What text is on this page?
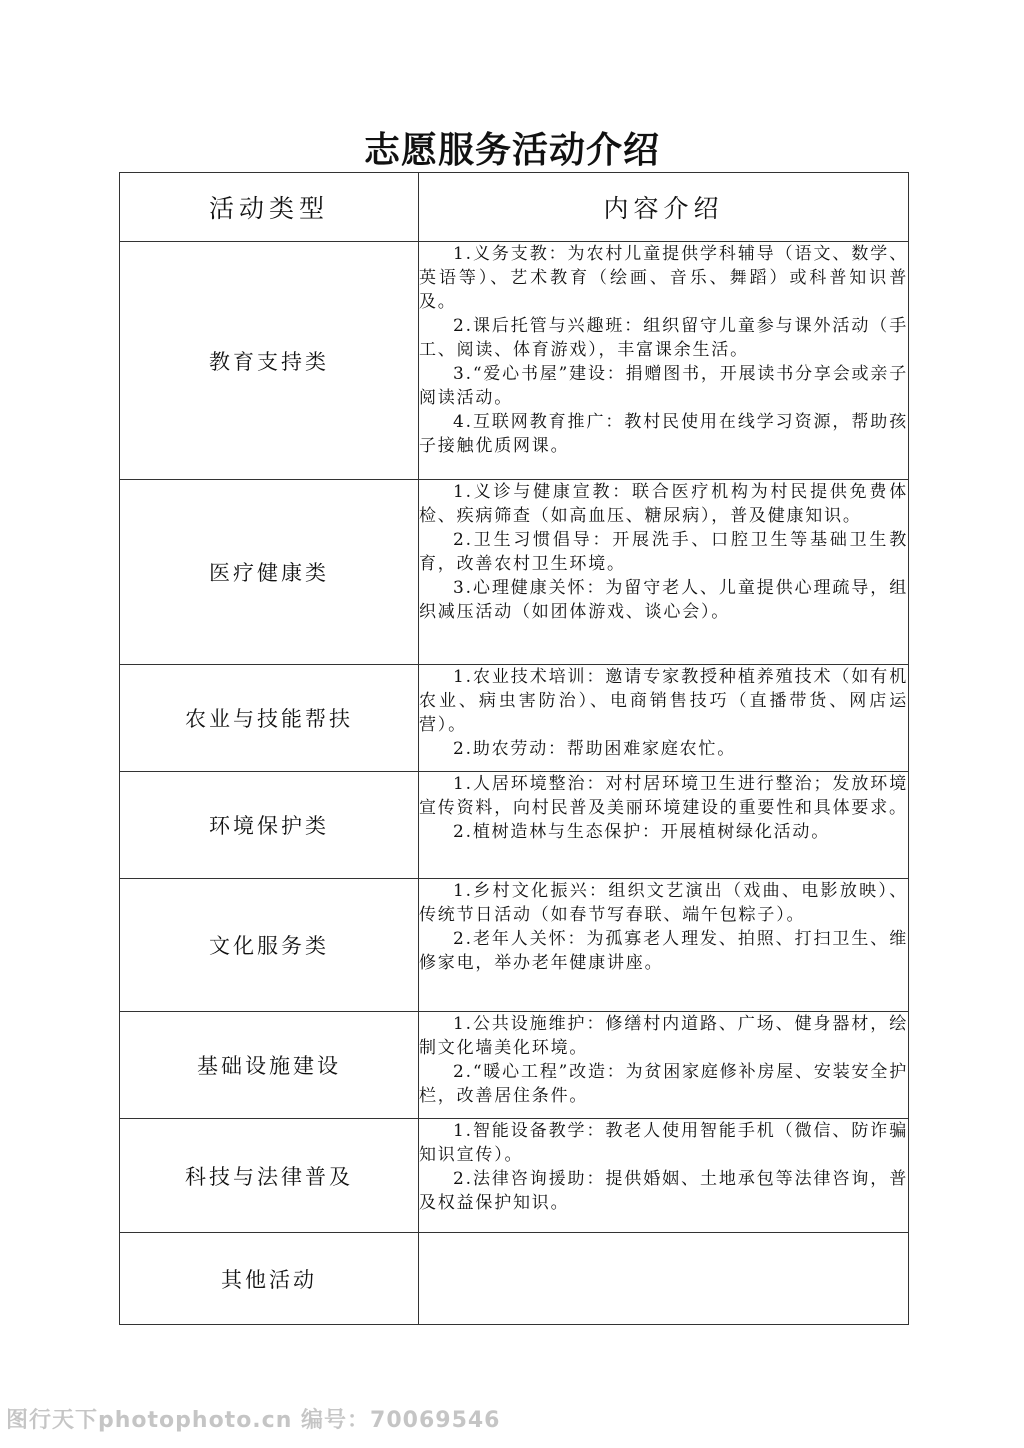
志愿服务活动介绍
活动类型	内容介绍
教育支持类	1.义务支教：为农村儿童提供学科辅导（语文、数学、英语等）、艺术教育（绘画、音乐、舞蹈）或科普知识普及。
2.课后托管与兴趣班：组织留守儿童参与课外活动（手工、阅读、体育游戏），丰富课余生活。
3.“爱心书屋”建设：捐赠图书，开展读书分享会或亲子阅读活动。
4.互联网教育推广：教村民使用在线学习资源，帮助孩子接触优质网课。

医疗健康类	1.义诊与健康宣教：联合医疗机构为村民提供免费体检、疾病筛查（如高血压、糖尿病），普及健康知识。
2.卫生习惯倡导：开展洗手、口腔卫生等基础卫生教育，改善农村卫生环境。
3.心理健康关怀：为留守老人、儿童提供心理疏导，组织减压活动（如团体游戏、谈心会）。

农业与技能帮扶	1.农业技术培训：邀请专家教授种植养殖技术（如有机农业、病虫害防治）、电商销售技巧（直播带货、网店运营）。
2.助农劳动：帮助困难家庭农忙。

环境保护类	1.人居环境整治：对村居环境卫生进行整治；发放环境宣传资料，向村民普及美丽环境建设的重要性和具体要求。
2.植树造林与生态保护：开展植树绿化活动。

文化服务类	1.乡村文化振兴：组织文艺演出（戏曲、电影放映）、传统节日活动（如春节写春联、端午包粽子）。
2.老年人关怀：为孤寡老人理发、拍照、打扫卫生、维修家电，举办老年健康讲座。

基础设施建设	1.公共设施维护：修缮村内道路、广场、健身器材，绘制文化墙美化环境。
2.“暖心工程”改造：为贫困家庭修补房屋、安装安全护栏，改善居住条件。

科技与法律普及	1.智能设备教学：教老人使用智能手机（微信、防诈骗知识宣传）。
2.法律咨询援助：提供婚姻、土地承包等法律咨询，普及权益保护知识。

其他活动	
图行天下photophoto.cn 编号：70069546
